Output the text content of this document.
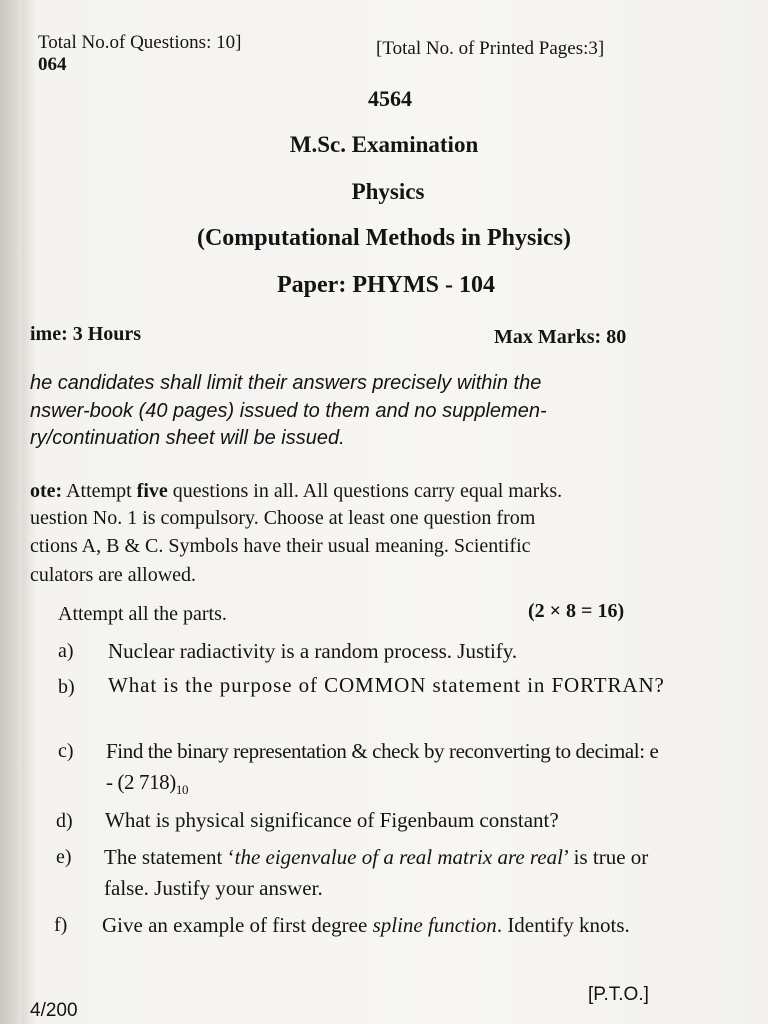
Total No.of Questions: 10]
064
[Total No. of Printed Pages:3]
4564
M.Sc. Examination
Physics
(Computational Methods in Physics)
Paper: PHYMS - 104
ime: 3 Hours	Max Marks: 80
he candidates shall limit their answers precisely within the
nswer-book (40 pages) issued to them and no supplemen-
ry/continuation sheet will be issued.
ote: Attempt five questions in all. All questions carry equal marks.
uestion No. 1 is compulsory. Choose at least one question from
ctions A, B & C. Symbols have their usual meaning. Scientific
culators are allowed.
Attempt all the parts.	(2 × 8 = 16)
a) Nuclear radiactivity is a random process. Justify.
b) What is the purpose of COMMON statement in FORTRAN?
c) Find the binary representation & check by reconverting to decimal: e - (2 $718)_{10}$
d) What is physical significance of Figenbaum constant?
e) The statement ‘the eigenvalue of a real matrix are real’ is true or false. Justify your answer.
f) Give an example of first degree spline function. Identify knots.
4/200
[P.T.O.]
